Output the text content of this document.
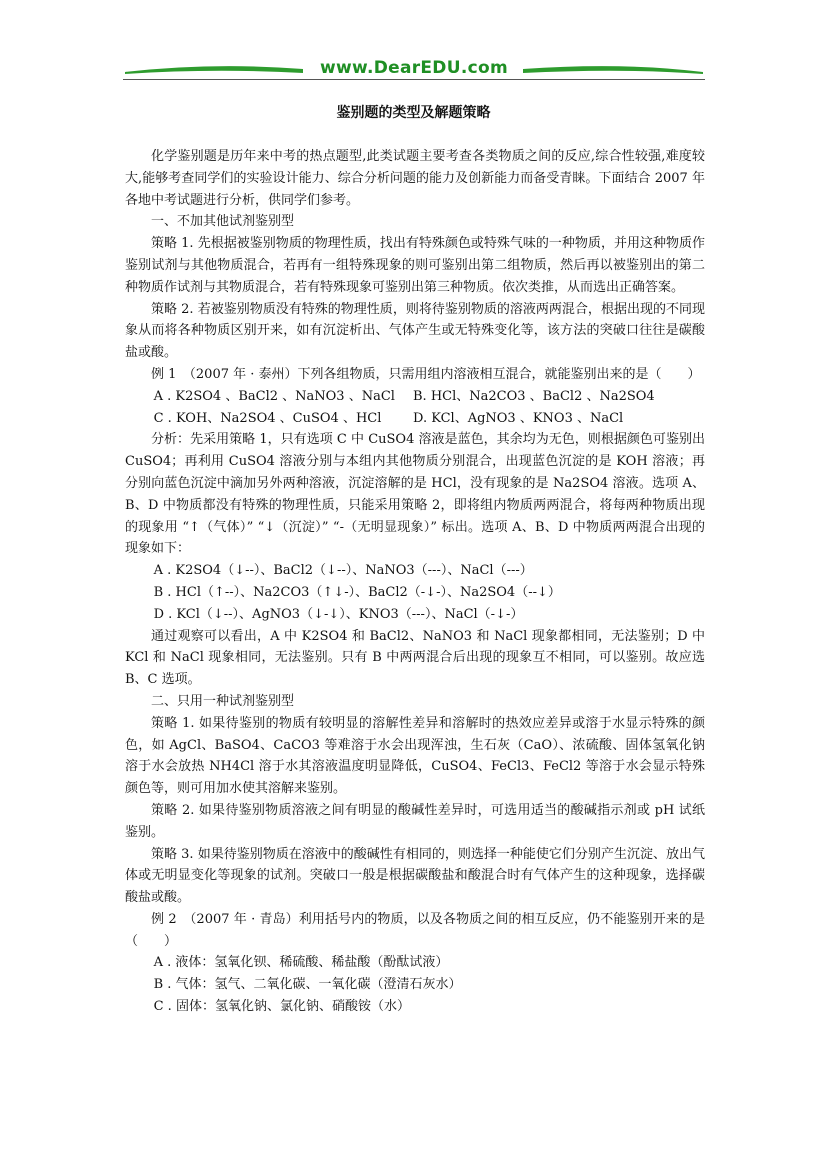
www.DearEDU.com
鉴别题的类型及解题策略

化学鉴别题是历年来中考的热点题型,此类试题主要考查各类物质之间的反应,综合性较强,难度较大,能够考查同学们的实验设计能力、综合分析问题的能力及创新能力而备受青睐。下面结合 2007 年各地中考试题进行分析，供同学们参考。

一、不加其他试剂鉴别型

策略 1. 先根据被鉴别物质的物理性质，找出有特殊颜色或特殊气味的一种物质，并用这种物质作鉴别试剂与其他物质混合，若再有一组特殊现象的则可鉴别出第二组物质，然后再以被鉴别出的第二种物质作试剂与其物质混合，若有特殊现象可鉴别出第三种物质。依次类推，从而选出正确答案。

策略 2. 若被鉴别物质没有特殊的物理性质，则将待鉴别物质的溶液两两混合，根据出现的不同现象从而将各种物质区别开来，如有沉淀析出、气体产生或无特殊变化等，该方法的突破口往往是碳酸盐或酸。

例 1　（2007 年 · 泰州）下列各组物质，只需用组内溶液相互混合，就能鉴别出来的是（　　）

A . K2SO4 、BaCl2 、NaNO3 、NaCl B. HCl、Na2CO3 、BaCl2 、Na2SO4
C . KOH、Na2SO4 、CuSO4 、HCl D. KCl、AgNO3 、KNO3 、NaCl

分析：先采用策略 1，只有选项 C 中 CuSO4 溶液是蓝色，其余均为无色，则根据颜色可鉴别出 CuSO4；再利用 CuSO4 溶液分别与本组内其他物质分别混合，出现蓝色沉淀的是 KOH 溶液；再分别向蓝色沉淀中滴加另外两种溶液，沉淀溶解的是 HCl，没有现象的是 Na2SO4 溶液。选项 A、B、D 中物质都没有特殊的物理性质，只能采用策略 2，即将组内物质两两混合，将每两种物质出现的现象用 “↑（气体）” “↓（沉淀）” “-（无明显现象）” 标出。选项 A、B、D 中物质两两混合出现的现象如下：

A . K2SO4（↓--）、BaCl2（↓--）、NaNO3（---）、NaCl（---）
B . HCl（↑--）、Na2CO3（↑↓-）、BaCl2（-↓-）、Na2SO4（--↓）
D . KCl（↓--）、AgNO3（↓-↓）、KNO3（---）、NaCl（-↓-）

通过观察可以看出，A 中 K2SO4 和 BaCl2、NaNO3 和 NaCl 现象都相同，无法鉴别；D 中 KCl 和 NaCl 现象相同，无法鉴别。只有 B 中两两混合后出现的现象互不相同，可以鉴别。故应选 B、C 选项。

二、只用一种试剂鉴别型

策略 1. 如果待鉴别的物质有较明显的溶解性差异和溶解时的热效应差异或溶于水显示特殊的颜色，如 AgCl、BaSO4、CaCO3 等难溶于水会出现浑浊，生石灰（CaO）、浓硫酸、固体氢氧化钠溶于水会放热 NH4Cl 溶于水其溶液温度明显降低，CuSO4、FeCl3、FeCl2 等溶于水会显示特殊颜色等，则可用加水使其溶解来鉴别。

策略 2. 如果待鉴别物质溶液之间有明显的酸碱性差异时，可选用适当的酸碱指示剂或 pH 试纸鉴别。

策略 3. 如果待鉴别物质在溶液中的酸碱性有相同的，则选择一种能使它们分别产生沉淀、放出气体或无明显变化等现象的试剂。突破口一般是根据碳酸盐和酸混合时有气体产生的这种现象，选择碳酸盐或酸。

例 2　（2007 年 · 青岛）利用括号内的物质，以及各物质之间的相互反应，仍不能鉴别开来的是　（　　）

A . 液体：氢氧化钡、稀硫酸、稀盐酸（酚酞试液）
B . 气体：氢气、二氧化碳、一氧化碳（澄清石灰水）
C . 固体：氢氧化钠、氯化钠、硝酸铵（水）
